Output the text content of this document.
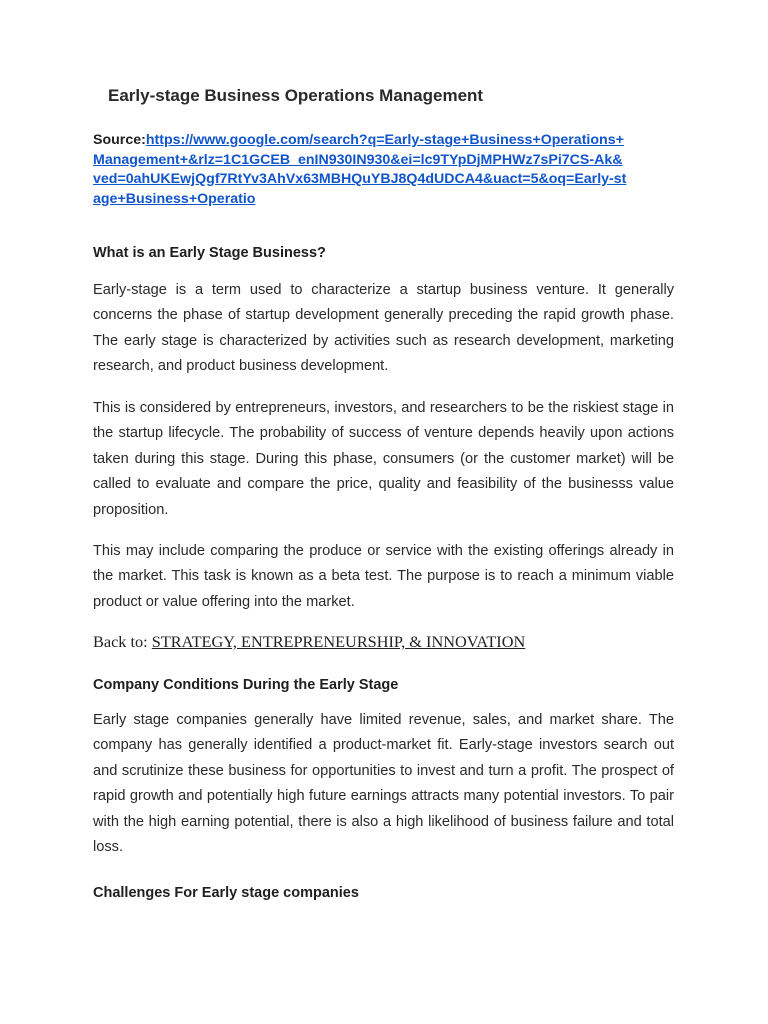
Early-stage Business Operations Management
Source:https://www.google.com/search?q=Early-stage+Business+Operations+
Management+&rlz=1C1GCEB_enIN930IN930&ei=lc9TYpDjMPHWz7sPi7CS-Ak&
ved=0ahUKEwjQgf7RtYv3AhVx63MBHQuYBJ8Q4dUDCA4&uact=5&oq=Early-st
age+Business+Operatio
What is an Early Stage Business?
Early-stage is a term used to characterize a startup business venture. It generally concerns the phase of startup development generally preceding the rapid growth phase. The early stage is characterized by activities such as research development, marketing research, and product business development.
This is considered by entrepreneurs, investors, and researchers to be the riskiest stage in the startup lifecycle. The probability of success of venture depends heavily upon actions taken during this stage. During this phase, consumers (or the customer market) will be called to evaluate and compare the price, quality and feasibility of the businesss value proposition.
This may include comparing the produce or service with the existing offerings already in the market. This task is known as a beta test. The purpose is to reach a minimum viable product or value offering into the market.
Back to: STRATEGY, ENTREPRENEURSHIP, & INNOVATION
Company Conditions During the Early Stage
Early stage companies generally have limited revenue, sales, and market share. The company has generally identified a product-market fit. Early-stage investors search out and scrutinize these business for opportunities to invest and turn a profit. The prospect of rapid growth and potentially high future earnings attracts many potential investors. To pair with the high earning potential, there is also a high likelihood of business failure and total loss.
Challenges For Early stage companies
